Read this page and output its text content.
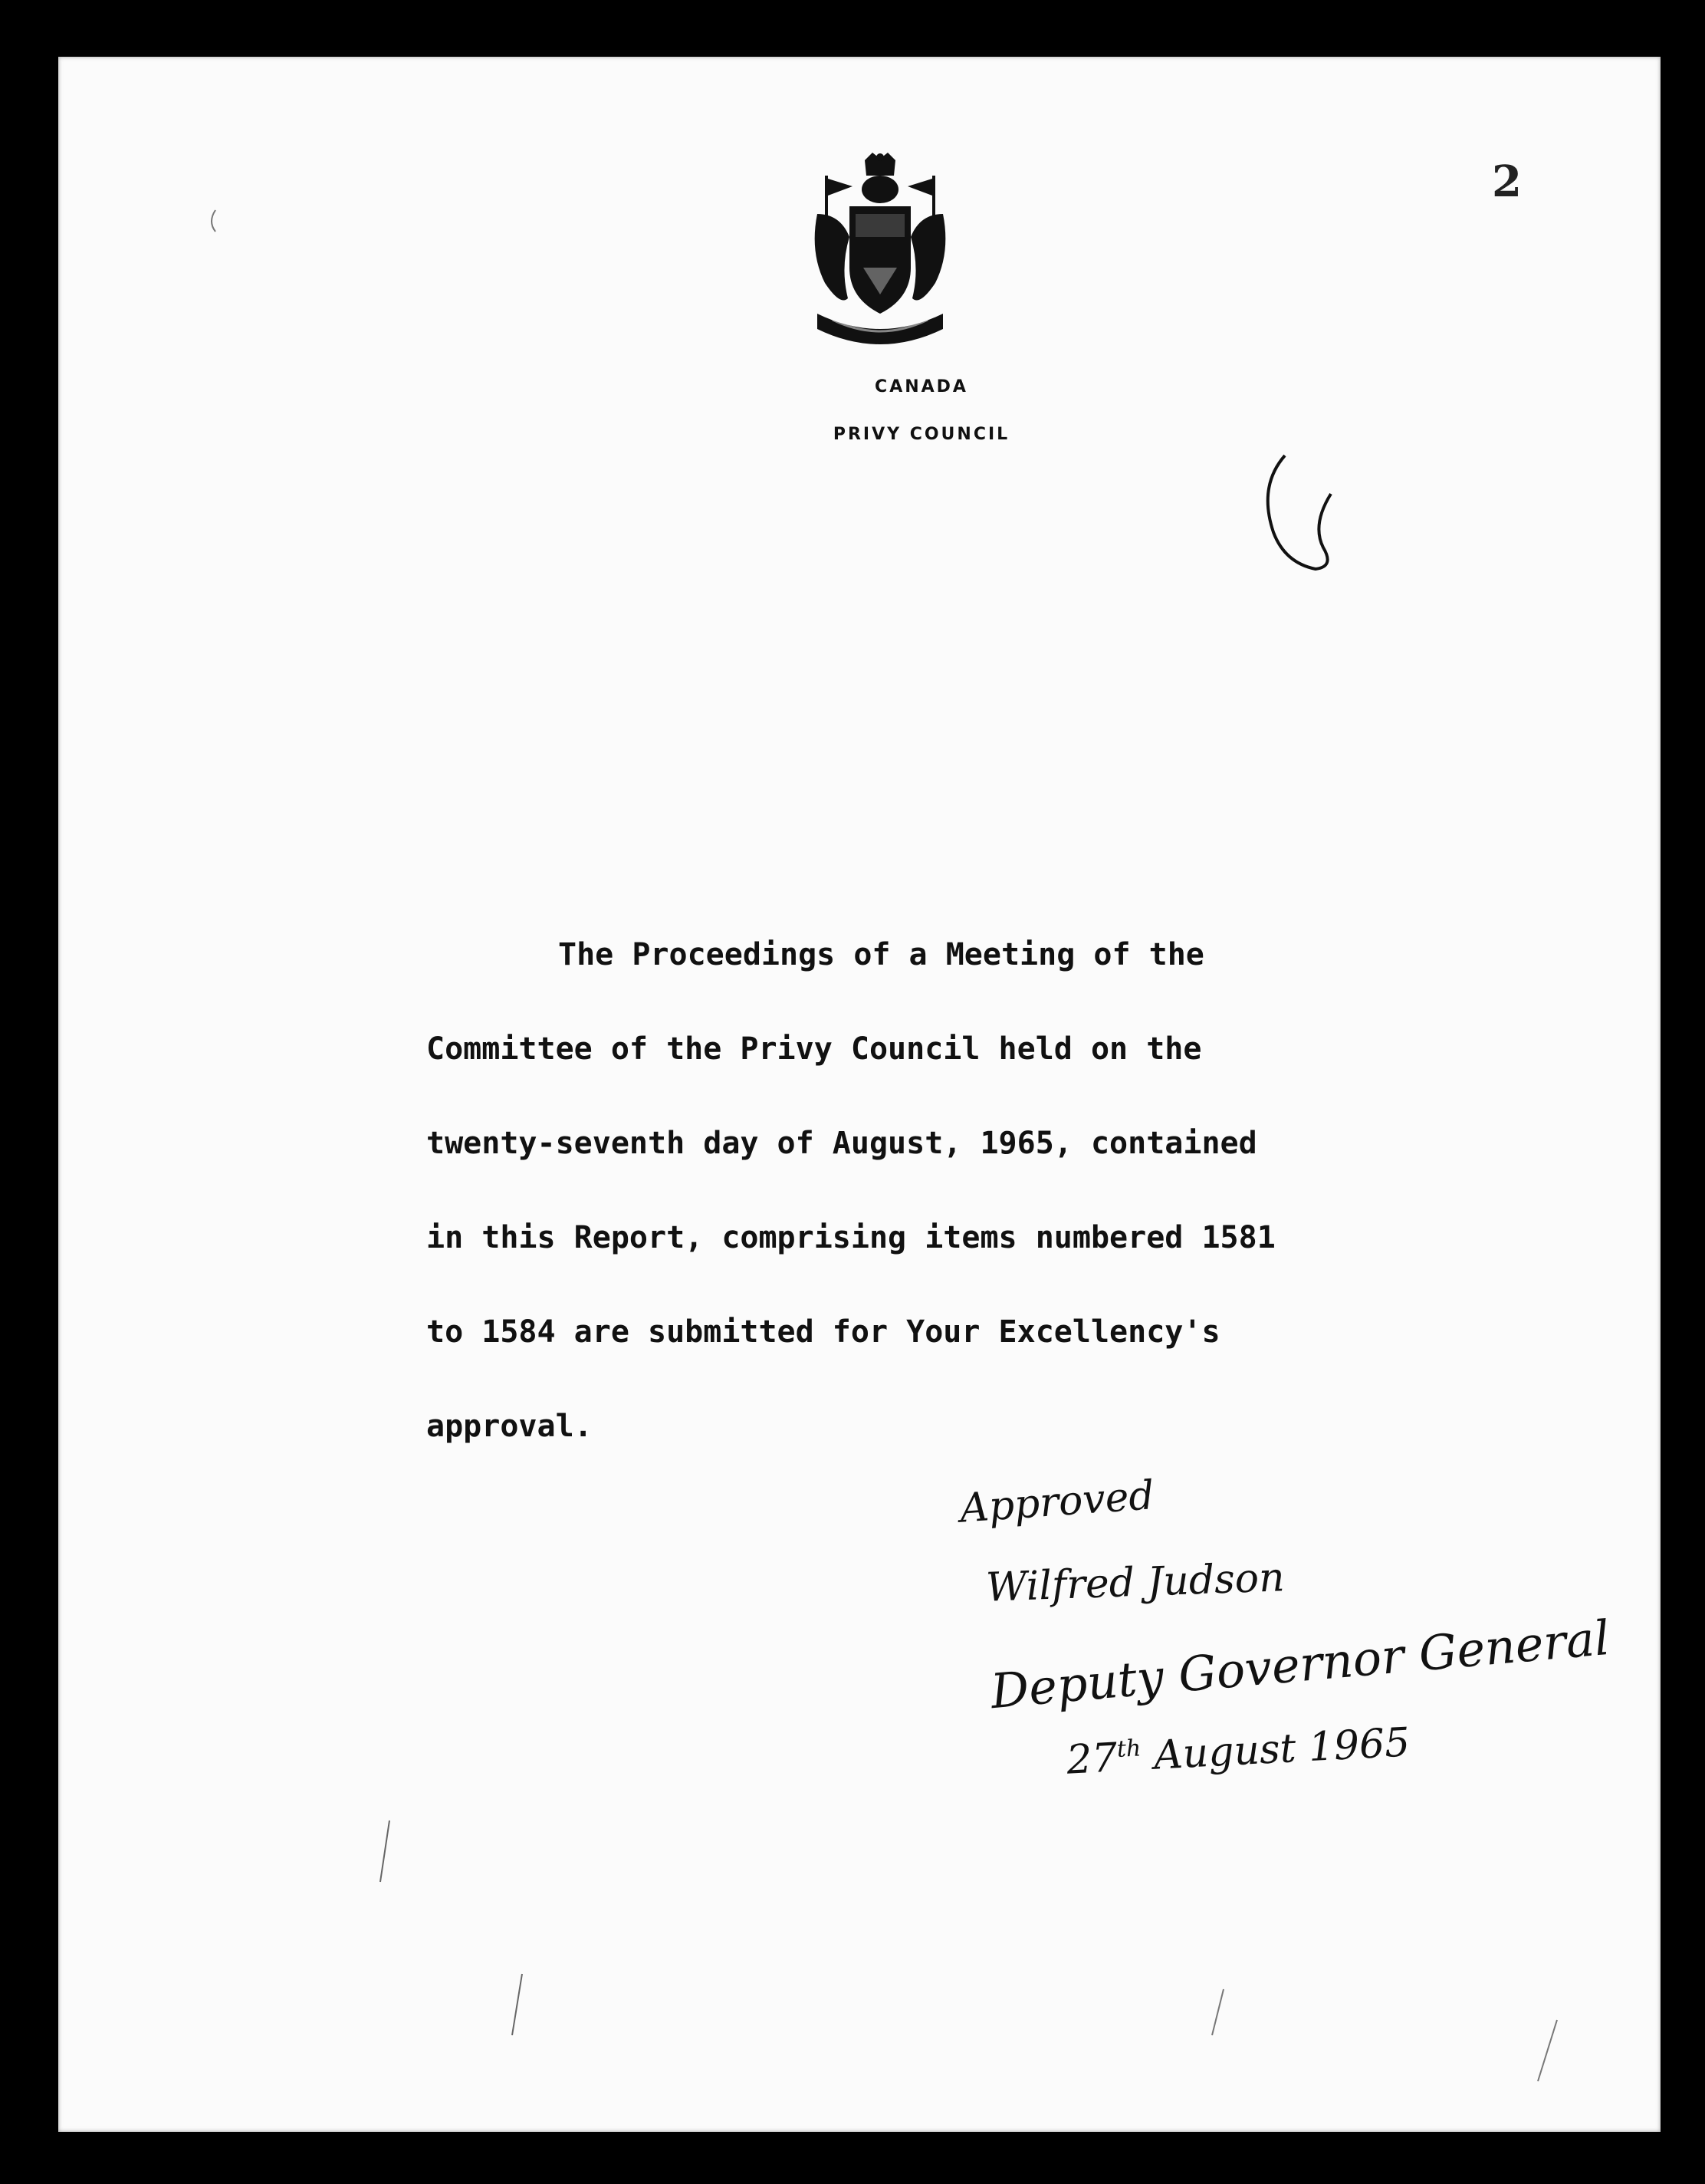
2
CANADA
PRIVY COUNCIL
The Proceedings of a Meeting of the
Committee of the Privy Council held on the
twenty-seventh day of August, 1965, contained
in this Report, comprising items numbered 1581
to 1584 are submitted for Your Excellency's
approval.
Approved
Wilfred Judson
Deputy Governor General
27th August 1965
